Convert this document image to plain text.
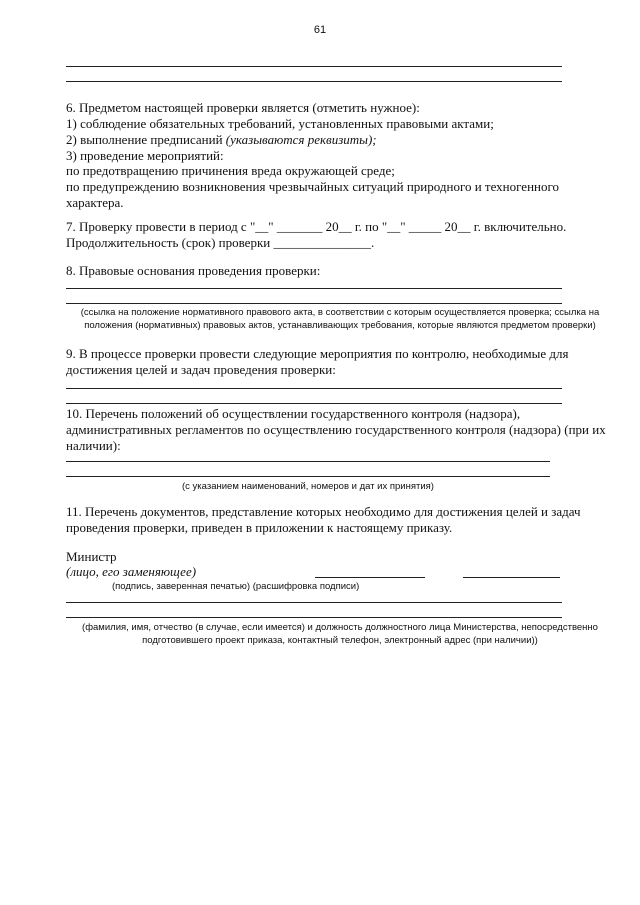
61
6. Предметом настоящей проверки является (отметить нужное):
1) соблюдение обязательных требований, установленных правовыми актами;
2) выполнение предписаний (указываются реквизиты);
3) проведение мероприятий:
по предотвращению причинения вреда окружающей среде;
по предупреждению возникновения чрезвычайных ситуаций природного и техногенного
характера.
7. Проверку провести в период с "__" _______ 20__ г. по "__" _____ 20__ г. включительно.
Продолжительность (срок) проверки _______________.
8. Правовые основания проведения проверки:
(ссылка на положение нормативного правового акта, в соответствии с которым осуществляется проверка; ссылка на
положения (нормативных) правовых актов, устанавливающих требования, которые являются предметом проверки)
9. В процессе проверки провести следующие мероприятия по контролю, необходимые для
достижения целей и задач проведения проверки:
10. Перечень положений об осуществлении государственного контроля (надзора),
административных регламентов по осуществлению государственного контроля (надзора) (при их
наличии):
(с указанием наименований, номеров и дат их принятия)
11. Перечень документов, представление которых необходимо для достижения целей и задач
проведения проверки, приведен в приложении к настоящему приказу.
Министр
(лицо, его заменяющее)
(подпись, заверенная печатью) (расшифровка подписи)
(фамилия, имя, отчество (в случае, если имеется) и должность должностного лица Министерства, непосредственно
подготовившего проект приказа, контактный телефон, электронный адрес (при наличии))
